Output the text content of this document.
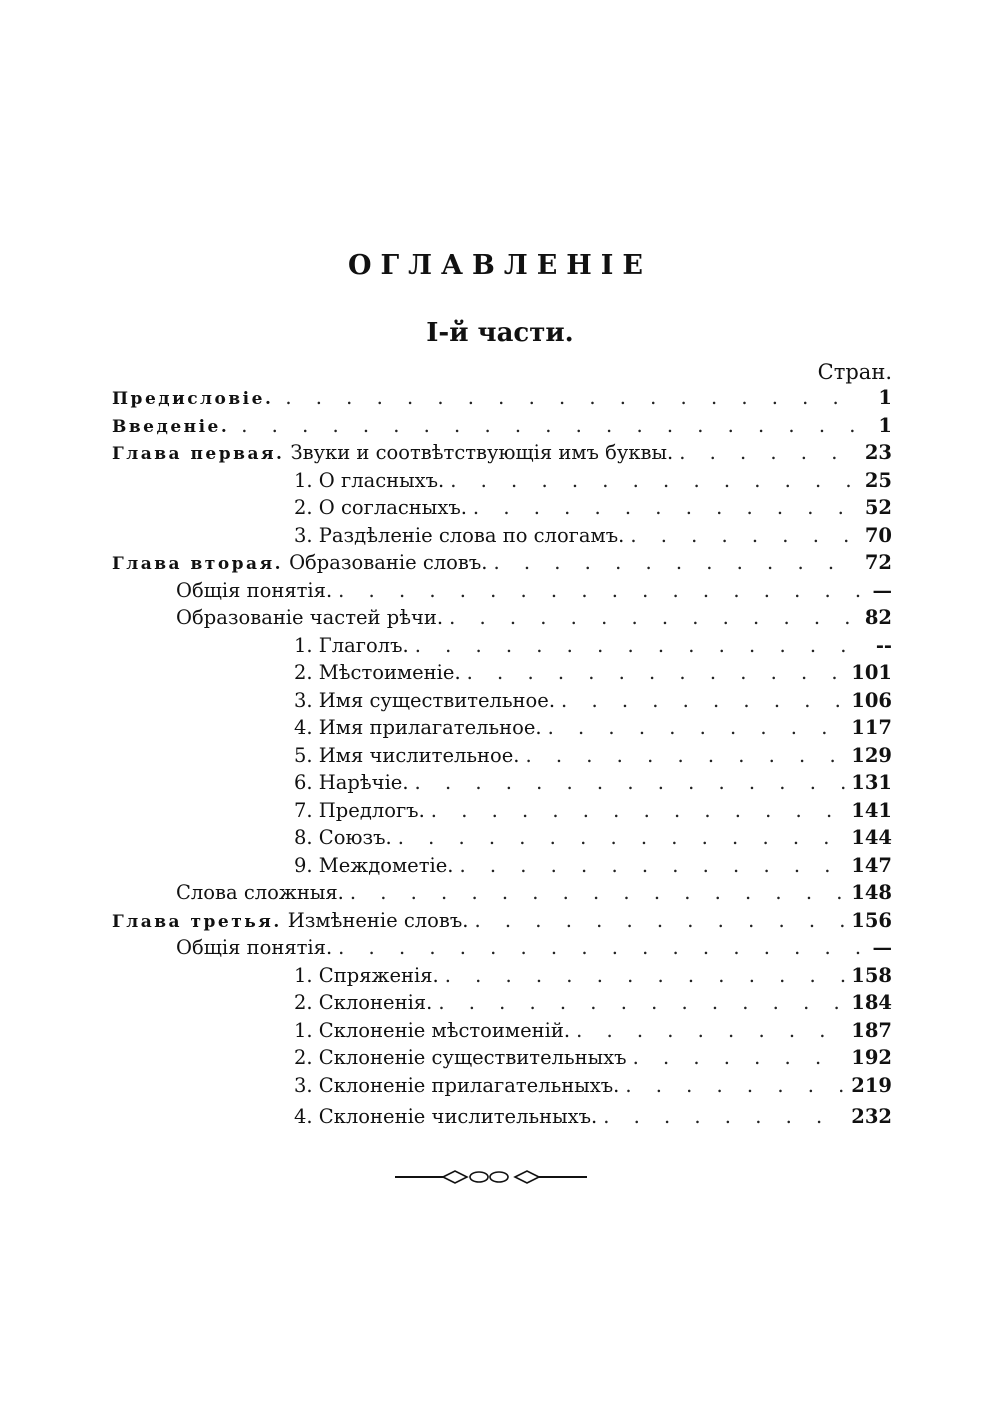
ОГЛАВЛЕНIЕ
I-й части.
Стран.
Предисловiе. . . .	1
Введенiе. . . .	1
Глава первая. Звуки и соотвѣтствующiя имъ буквы. . . .	23
1. О гласныхъ. . . .	25
2. О согласныхъ. . . .	52
3. Раздѣленiе слова по слогамъ. . . .	70
Глава вторая. Образованiе словъ. . . .	72
Общiя понятiя. . . .	—
Образованiе частей рѣчи. . . .	82
1. Глаголъ. . . .	--
2. Мѣстоименiе. . . .	101
3. Имя существительное. . . .	106
4. Имя прилагательное. . . .	117
5. Имя числительное. . . .	129
6. Нарѣчiе. . . .	131
7. Предлогъ. . . .	141
8. Союзъ. . . .	144
9. Междометiе. . . .	147
Слова сложныя. . . .	148
Глава третья. Измѣненiе словъ. . . .	156
Общiя понятiя. . . .	—
1. Спряженiя. . . .	158
2. Склоненiя. . . .	184
1. Склоненiе мѣстоименiй. . . .	187
2. Склоненiе существительныхъ . . .	192
3. Склоненiе прилагательныхъ. . . .	219
4. Склоненiе числительныхъ. . . .	232
